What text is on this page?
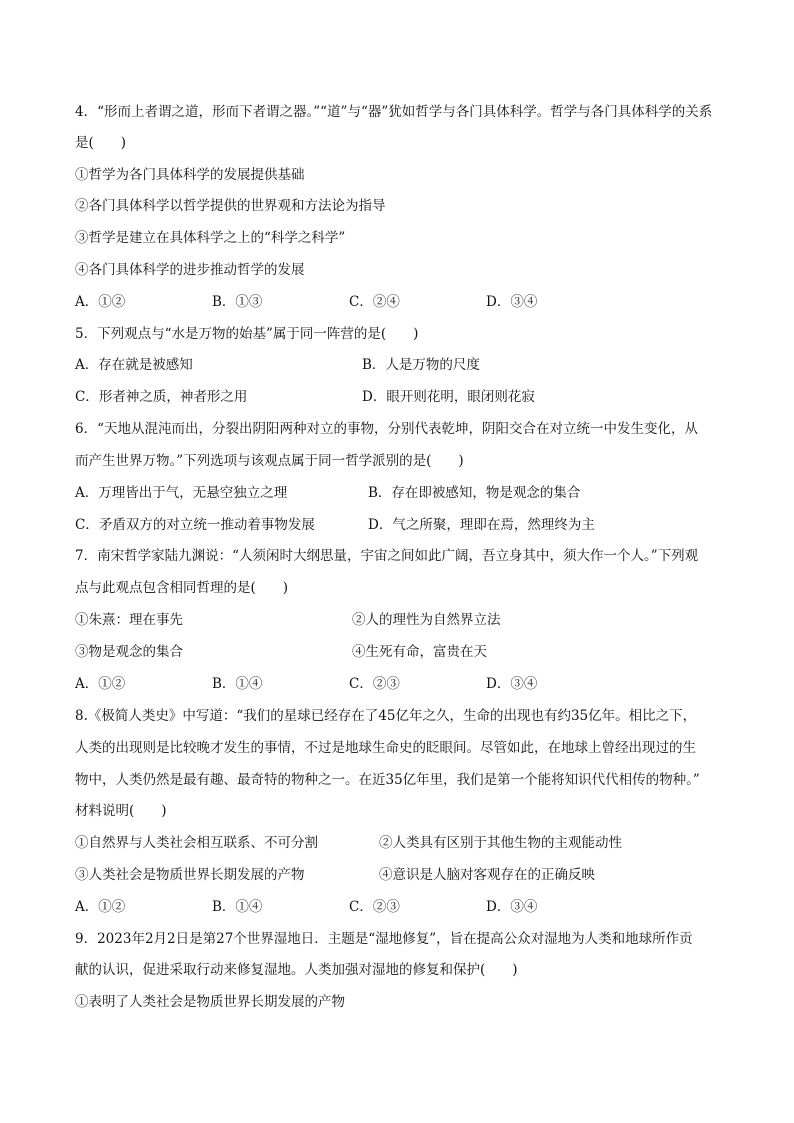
4．“形而上者谓之道，形而下者谓之器。”“道”与“器”犹如哲学与各门具体科学。哲学与各门具体科学的关系
是(　　)
①哲学为各门具体科学的发展提供基础
②各门具体科学以哲学提供的世界观和方法论为指导
③哲学是建立在具体科学之上的“科学之科学”
④各门具体科学的进步推动哲学的发展
A．①②	B．①③	C．②④	D．③④
5．下列观点与“水是万物的始基”属于同一阵营的是(　　)
A．存在就是被感知	B．人是万物的尺度
C．形者神之质，神者形之用	D．眼开则花明，眼闭则花寂
6．“天地从混沌而出，分裂出阴阳两种对立的事物，分别代表乾坤，阴阳交合在对立统一中发生变化，从
而产生世界万物。”下列选项与该观点属于同一哲学派别的是(　　)
A．万理皆出于气，无悬空独立之理	B．存在即被感知，物是观念的集合
C．矛盾双方的对立统一推动着事物发展	D．气之所聚，理即在焉，然理终为主
7．南宋哲学家陆九渊说：“人须闲时大纲思量，宇宙之间如此广阔，吾立身其中，须大作一个人。”下列观
点与此观点包含相同哲理的是(　　)
①朱熹：理在事先	②人的理性为自然界立法
③物是观念的集合	④生死有命，富贵在天
A．①②	B．①④	C．②③	D．③④
8.《极简人类史》中写道：“我们的星球已经存在了45亿年之久，生命的出现也有约35亿年。相比之下，
人类的出现则是比较晚才发生的事情，不过是地球生命史的眨眼间。尽管如此，在地球上曾经出现过的生
物中，人类仍然是最有趣、最奇特的物种之一。在近35亿年里，我们是第一个能将知识代代相传的物种。”
材料说明(　　)
①自然界与人类社会相互联系、不可分割	②人类具有区别于其他生物的主观能动性
③人类社会是物质世界长期发展的产物	④意识是人脑对客观存在的正确反映
A．①②	B．①④	C．②③	D．③④
9．2023年2月2日是第27个世界湿地日．主题是“湿地修复”，旨在提高公众对湿地为人类和地球所作贡
献的认识，促进采取行动来修复湿地。人类加强对湿地的修复和保护(　　)
①表明了人类社会是物质世界长期发展的产物
